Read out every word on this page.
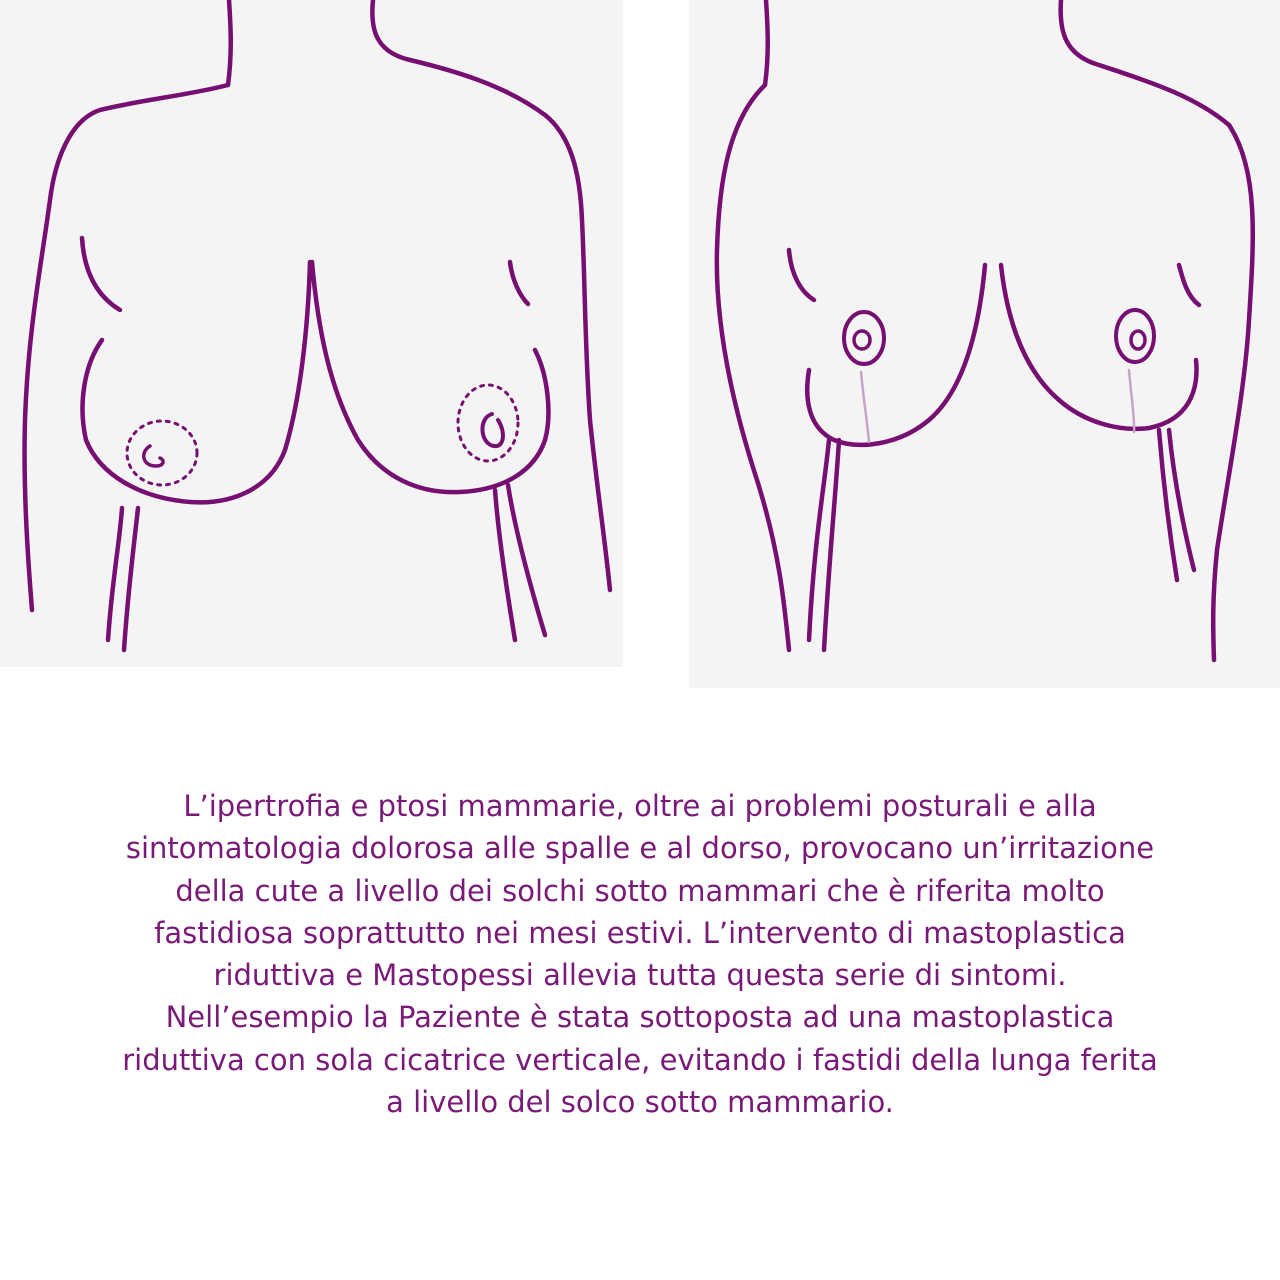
L’ipertrofia e ptosi mammarie, oltre ai problemi posturali e alla
sintomatologia dolorosa alle spalle e al dorso, provocano un’irritazione
della cute a livello dei solchi sotto mammari che è riferita molto
fastidiosa soprattutto nei mesi estivi. L’intervento di mastoplastica
riduttiva e Mastopessi allevia tutta questa serie di sintomi.
Nell’esempio la Paziente è stata sottoposta ad una mastoplastica
riduttiva con sola cicatrice verticale, evitando i fastidi della lunga ferita
a livello del solco sotto mammario.
